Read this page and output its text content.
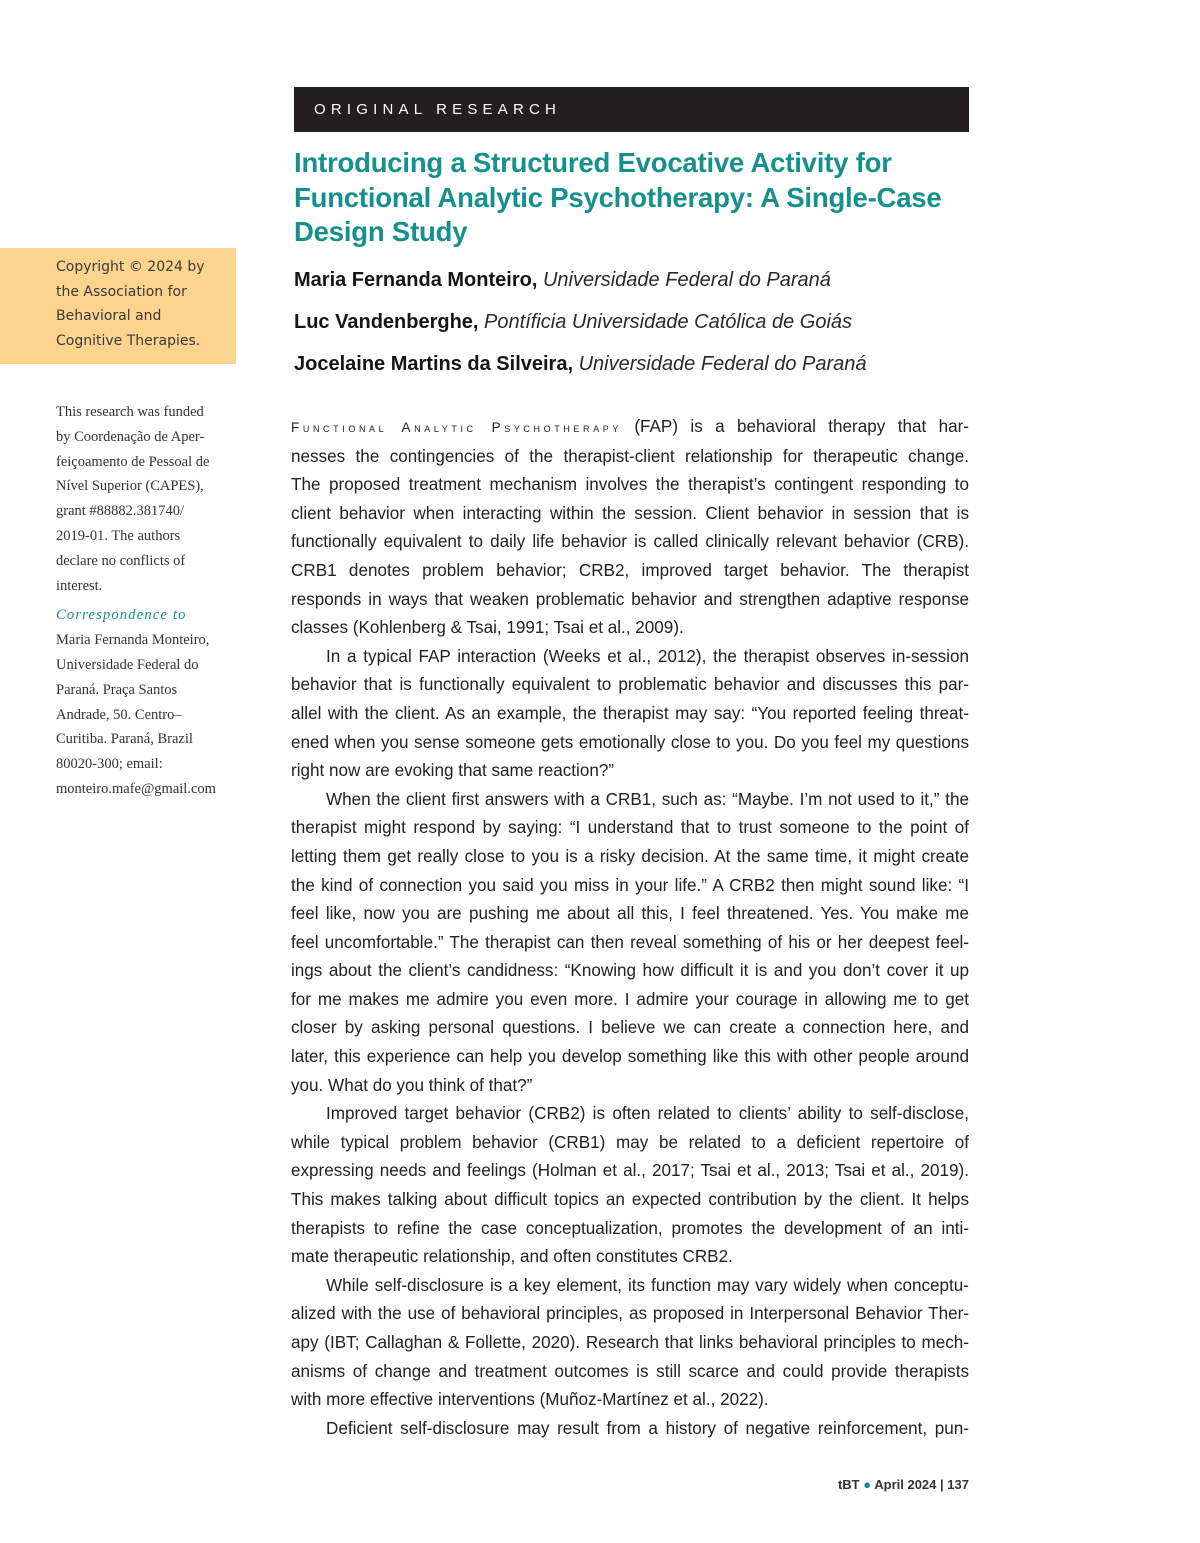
ORIGINAL RESEARCH
Introducing a Structured Evocative Activity for
Functional Analytic Psychotherapy: A Single-Case
Design Study
Maria Fernanda Monteiro, Universidade Federal do Paraná
Luc Vandenberghe, Pontíficia Universidade Católica de Goiás
Jocelaine Martins da Silveira, Universidade Federal do Paraná
Copyright © 2024 by
the Association for
Behavioral and
Cognitive Therapies.
This research was funded
by Coordenação de Aper-
feiçoamento de Pessoal de
Nível Superior (CAPES),
grant #88882.381740/
2019-01. The authors
declare no conflicts of
interest.
Correspondence to
Maria Fernanda Monteiro,
Universidade Federal do
Paraná. Praça Santos
Andrade, 50. Centro–
Curitiba. Paraná, Brazil
80020-300; email:
monteiro.mafe@gmail.com
Functional Analytic Psychotherapy (FAP) is a behavioral therapy that har-
nesses the contingencies of the therapist-client relationship for therapeutic change.
The proposed treatment mechanism involves the therapist’s contingent responding to
client behavior when interacting within the session. Client behavior in session that is
functionally equivalent to daily life behavior is called clinically relevant behavior (CRB).
CRB1 denotes problem behavior; CRB2, improved target behavior. The therapist
responds in ways that weaken problematic behavior and strengthen adaptive response
classes (Kohlenberg & Tsai, 1991; Tsai et al., 2009).
In a typical FAP interaction (Weeks et al., 2012), the therapist observes in-session
behavior that is functionally equivalent to problematic behavior and discusses this par-
allel with the client. As an example, the therapist may say: “You reported feeling threat-
ened when you sense someone gets emotionally close to you. Do you feel my questions
right now are evoking that same reaction?”
When the client first answers with a CRB1, such as: “Maybe. I’m not used to it,” the
therapist might respond by saying: “I understand that to trust someone to the point of
letting them get really close to you is a risky decision. At the same time, it might create
the kind of connection you said you miss in your life.” A CRB2 then might sound like: “I
feel like, now you are pushing me about all this, I feel threatened. Yes. You make me
feel uncomfortable.” The therapist can then reveal something of his or her deepest feel-
ings about the client’s candidness: “Knowing how difficult it is and you don’t cover it up
for me makes me admire you even more. I admire your courage in allowing me to get
closer by asking personal questions. I believe we can create a connection here, and
later, this experience can help you develop something like this with other people around
you. What do you think of that?”
Improved target behavior (CRB2) is often related to clients’ ability to self-disclose,
while typical problem behavior (CRB1) may be related to a deficient repertoire of
expressing needs and feelings (Holman et al., 2017; Tsai et al., 2013; Tsai et al., 2019).
This makes talking about difficult topics an expected contribution by the client. It helps
therapists to refine the case conceptualization, promotes the development of an inti-
mate therapeutic relationship, and often constitutes CRB2.
While self-disclosure is a key element, its function may vary widely when conceptu-
alized with the use of behavioral principles, as proposed in Interpersonal Behavior Ther-
apy (IBT; Callaghan & Follette, 2020). Research that links behavioral principles to mech-
anisms of change and treatment outcomes is still scarce and could provide therapists
with more effective interventions (Muñoz-Martínez et al., 2022).
Deficient self-disclosure may result from a history of negative reinforcement, pun-
tBT ● April 2024 | 137
